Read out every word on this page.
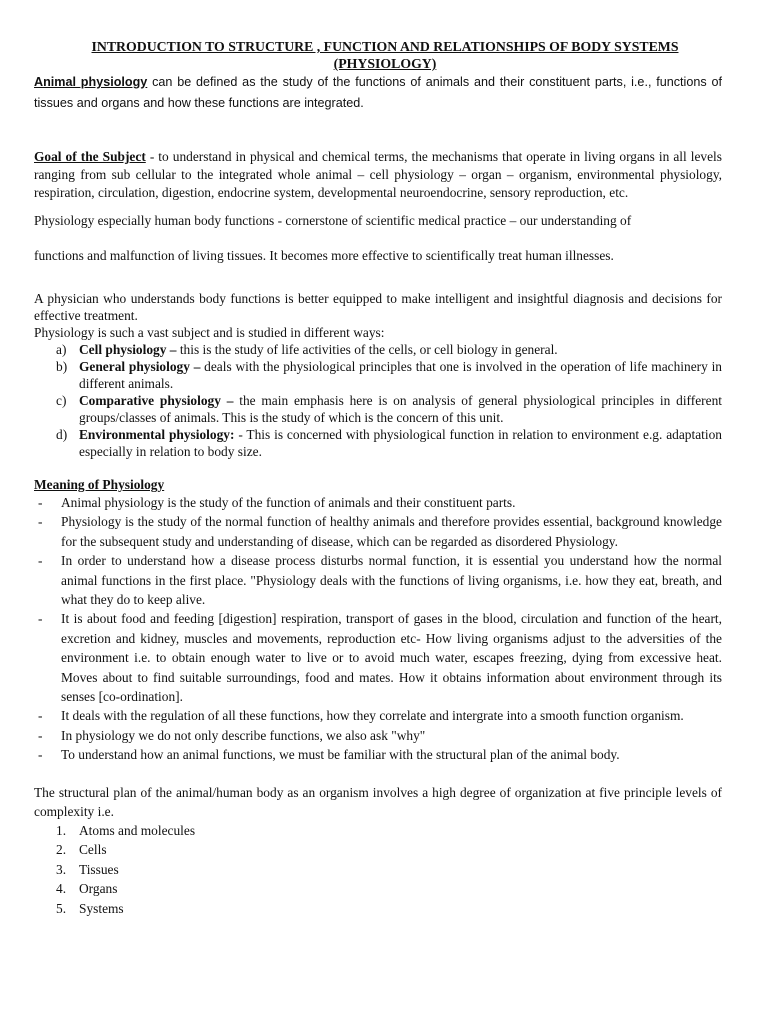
INTRODUCTION TO STRUCTURE , FUNCTION AND RELATIONSHIPS OF BODY SYSTEMS
(PHYSIOLOGY)

Animal physiology can be defined as the study of the functions of animals and their constituent parts, i.e., functions of tissues and organs and how these functions are integrated.

Goal of the Subject - to understand in physical and chemical terms, the mechanisms that operate in living organs in all levels ranging from sub cellular to the integrated whole animal – cell physiology – organ – organism, environmental physiology, respiration, circulation, digestion, endocrine system, developmental neuroendocrine, sensory reproduction, etc.

Physiology especially human body functions - cornerstone of scientific medical practice – our understanding of

functions and malfunction of living tissues. It becomes more effective to scientifically treat human illnesses.

A physician who understands body functions is better equipped to make intelligent and insightful diagnosis and decisions for effective treatment.

Physiology is such a vast subject and is studied in different ways:

a) Cell physiology – this is the study of life activities of the cells, or cell biology in general.
b) General physiology – deals with the physiological principles that one is involved in the operation of life machinery in different animals.
c) Comparative physiology – the main emphasis here is on analysis of general physiological principles in different groups/classes of animals. This is the study of which is the concern of this unit.
d) Environmental physiology: - This is concerned with physiological function in relation to environment e.g. adaptation especially in relation to body size.
Meaning of Physiology
- Animal physiology is the study of the function of animals and their constituent parts.
- Physiology is the study of the normal function of healthy animals and therefore provides essential, background knowledge for the subsequent study and understanding of disease, which can be regarded as disordered Physiology.
- In order to understand how a disease process disturbs normal function, it is essential you understand how the normal animal functions in the first place. "Physiology deals with the functions of living organisms, i.e. how they eat, breath, and what they do to keep alive.
- It is about food and feeding [digestion] respiration, transport of gases in the blood, circulation and function of the heart, excretion and kidney, muscles and movements, reproduction etc- How living organisms adjust to the adversities of the environment i.e. to obtain enough water to live or to avoid much water, escapes freezing, dying from excessive heat. Moves about to find suitable surroundings, food and mates. How it obtains information about environment through its senses [co-ordination].
- It deals with the regulation of all these functions, how they correlate and intergrate into a smooth function organism.
- In physiology we do not only describe functions, we also ask "why"
- To understand how an animal functions, we must be familiar with the structural plan of the animal body.

The structural plan of the animal/human body as an organism involves a high degree of organization at five principle levels of complexity i.e.

1. Atoms and molecules
2. Cells
3. Tissues
4. Organs
5. Systems
